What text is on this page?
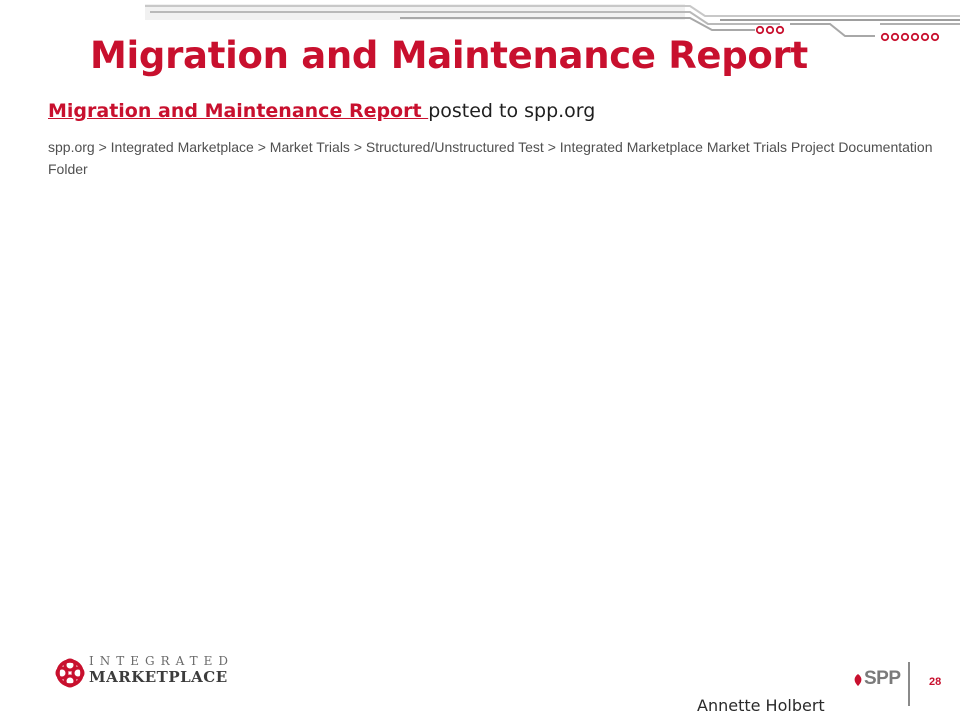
Migration and Maintenance Report
Migration and Maintenance Report posted to spp.org
spp.org > Integrated Marketplace > Market Trials > Structured/Unstructured Test > Integrated Marketplace Market Trials Project Documentation Folder
INTEGRATED
MARKETPLACE	SPP	28
Annette Holbert
